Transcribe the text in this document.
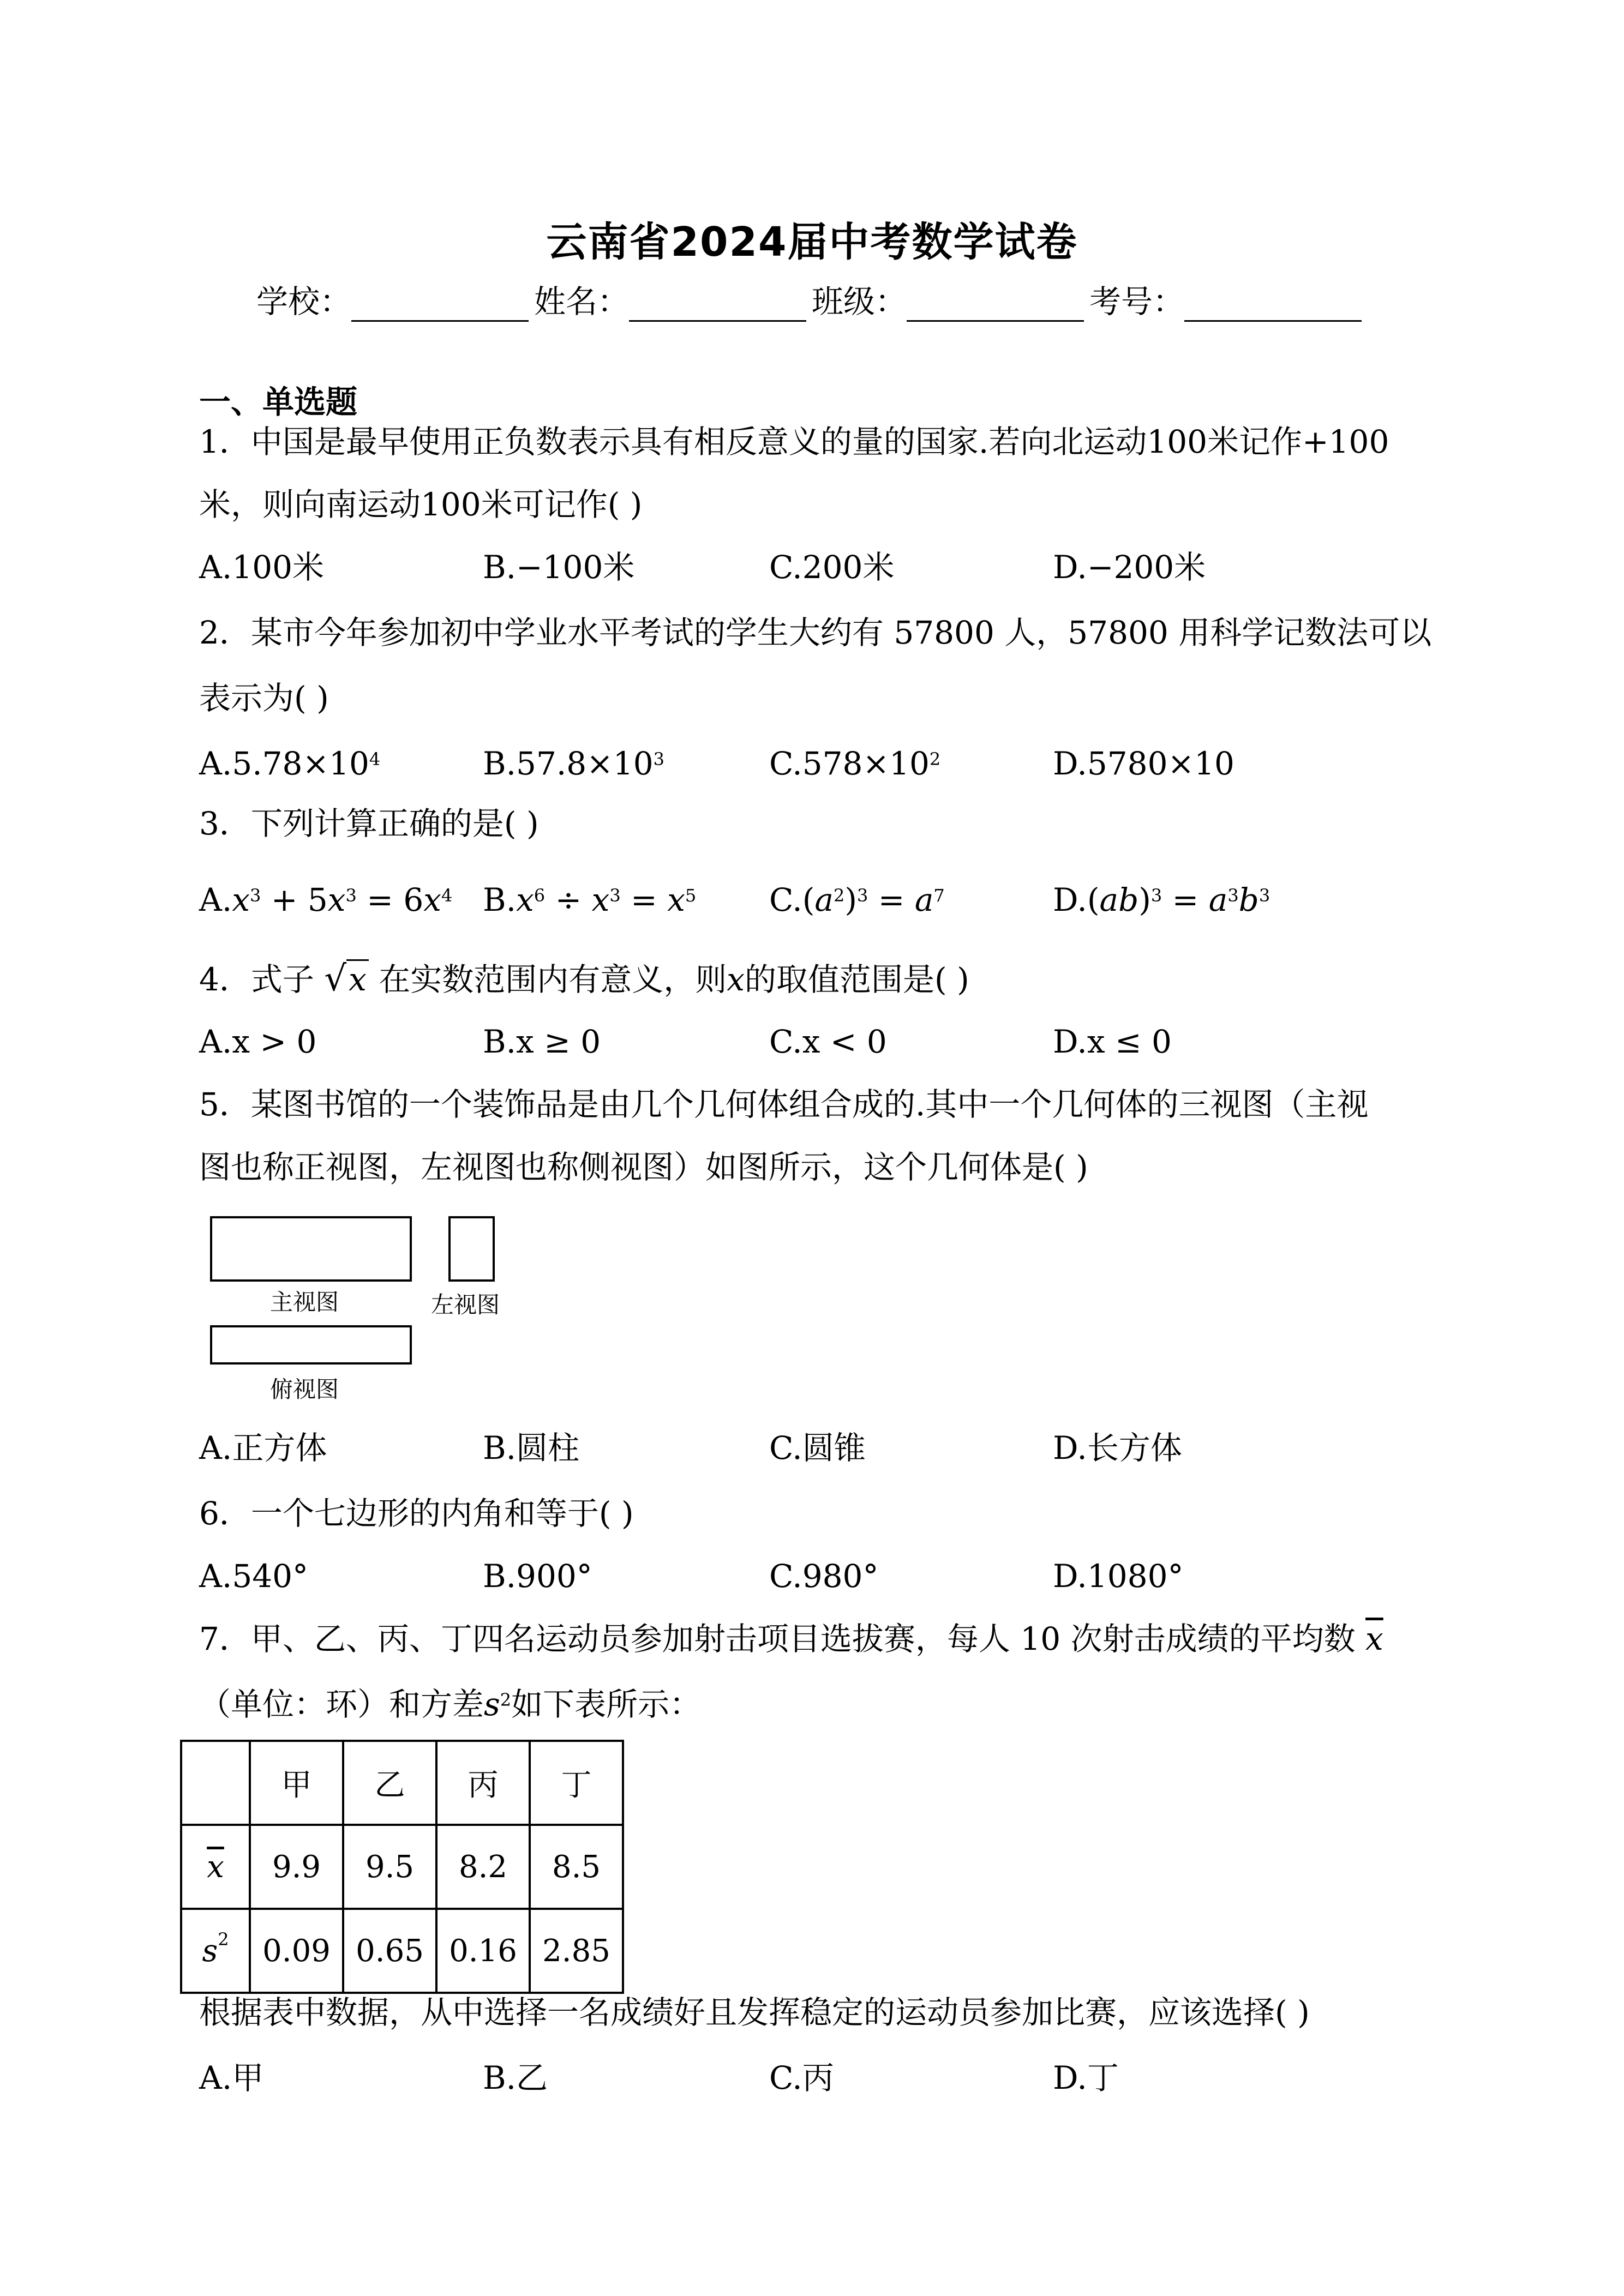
云南省2024届中考数学试卷
学校：	姓名：	班级：	考号：
一、单选题
1．中国是最早使用正负数表示具有相反意义的量的国家.若向北运动100米记作+100
米，则向南运动100米可记作( )
A.100米	B.−100米	C.200米	D.−200米
2．某市今年参加初中学业水平考试的学生大约有 57800 人，57800 用科学记数法可以
表示为( )
$A.5.78\times 10^4$	$B.57.8\times 10^3$	$C.578\times 10^2$	D.5780×10
3．下列计算正确的是( )
$A.x^3 + 5x^3 = 6x^4$ $B.x^6 \div x^3 = x^5$ $C.(a^2)^3 = a^7$	$D.(ab)^3 = a^3b^3$
4．式子 √x 在实数范围内有意义，则x的取值范围是( )
A.x > 0	B.x ≥ 0	C.x < 0	D.x ≤ 0
5．某图书馆的一个装饰品是由几个几何体组合成的.其中一个几何体的三视图（主视
图也称正视图，左视图也称侧视图）如图所示，这个几何体是( )
主视图	左视图
俯视图
A.正方体	B.圆柱	C.圆锥	D.长方体
6．一个七边形的内角和等于( )
A.540°	B.900°	C.980°	D.1080°
7．甲、乙、丙、丁四名运动员参加射击项目选拔赛，每人 10 次射击成绩的平均数 $\overline{x}$
（单位：环）和方差$s^2$如下表所示：
	甲	乙	丙	丁
$\overline{x}$	9.9	9.5	8.2	8.5
$s^2$	0.09	0.65	0.16	2.85
根据表中数据，从中选择一名成绩好且发挥稳定的运动员参加比赛，应该选择( )
A.甲	B.乙	C.丙	D.丁
